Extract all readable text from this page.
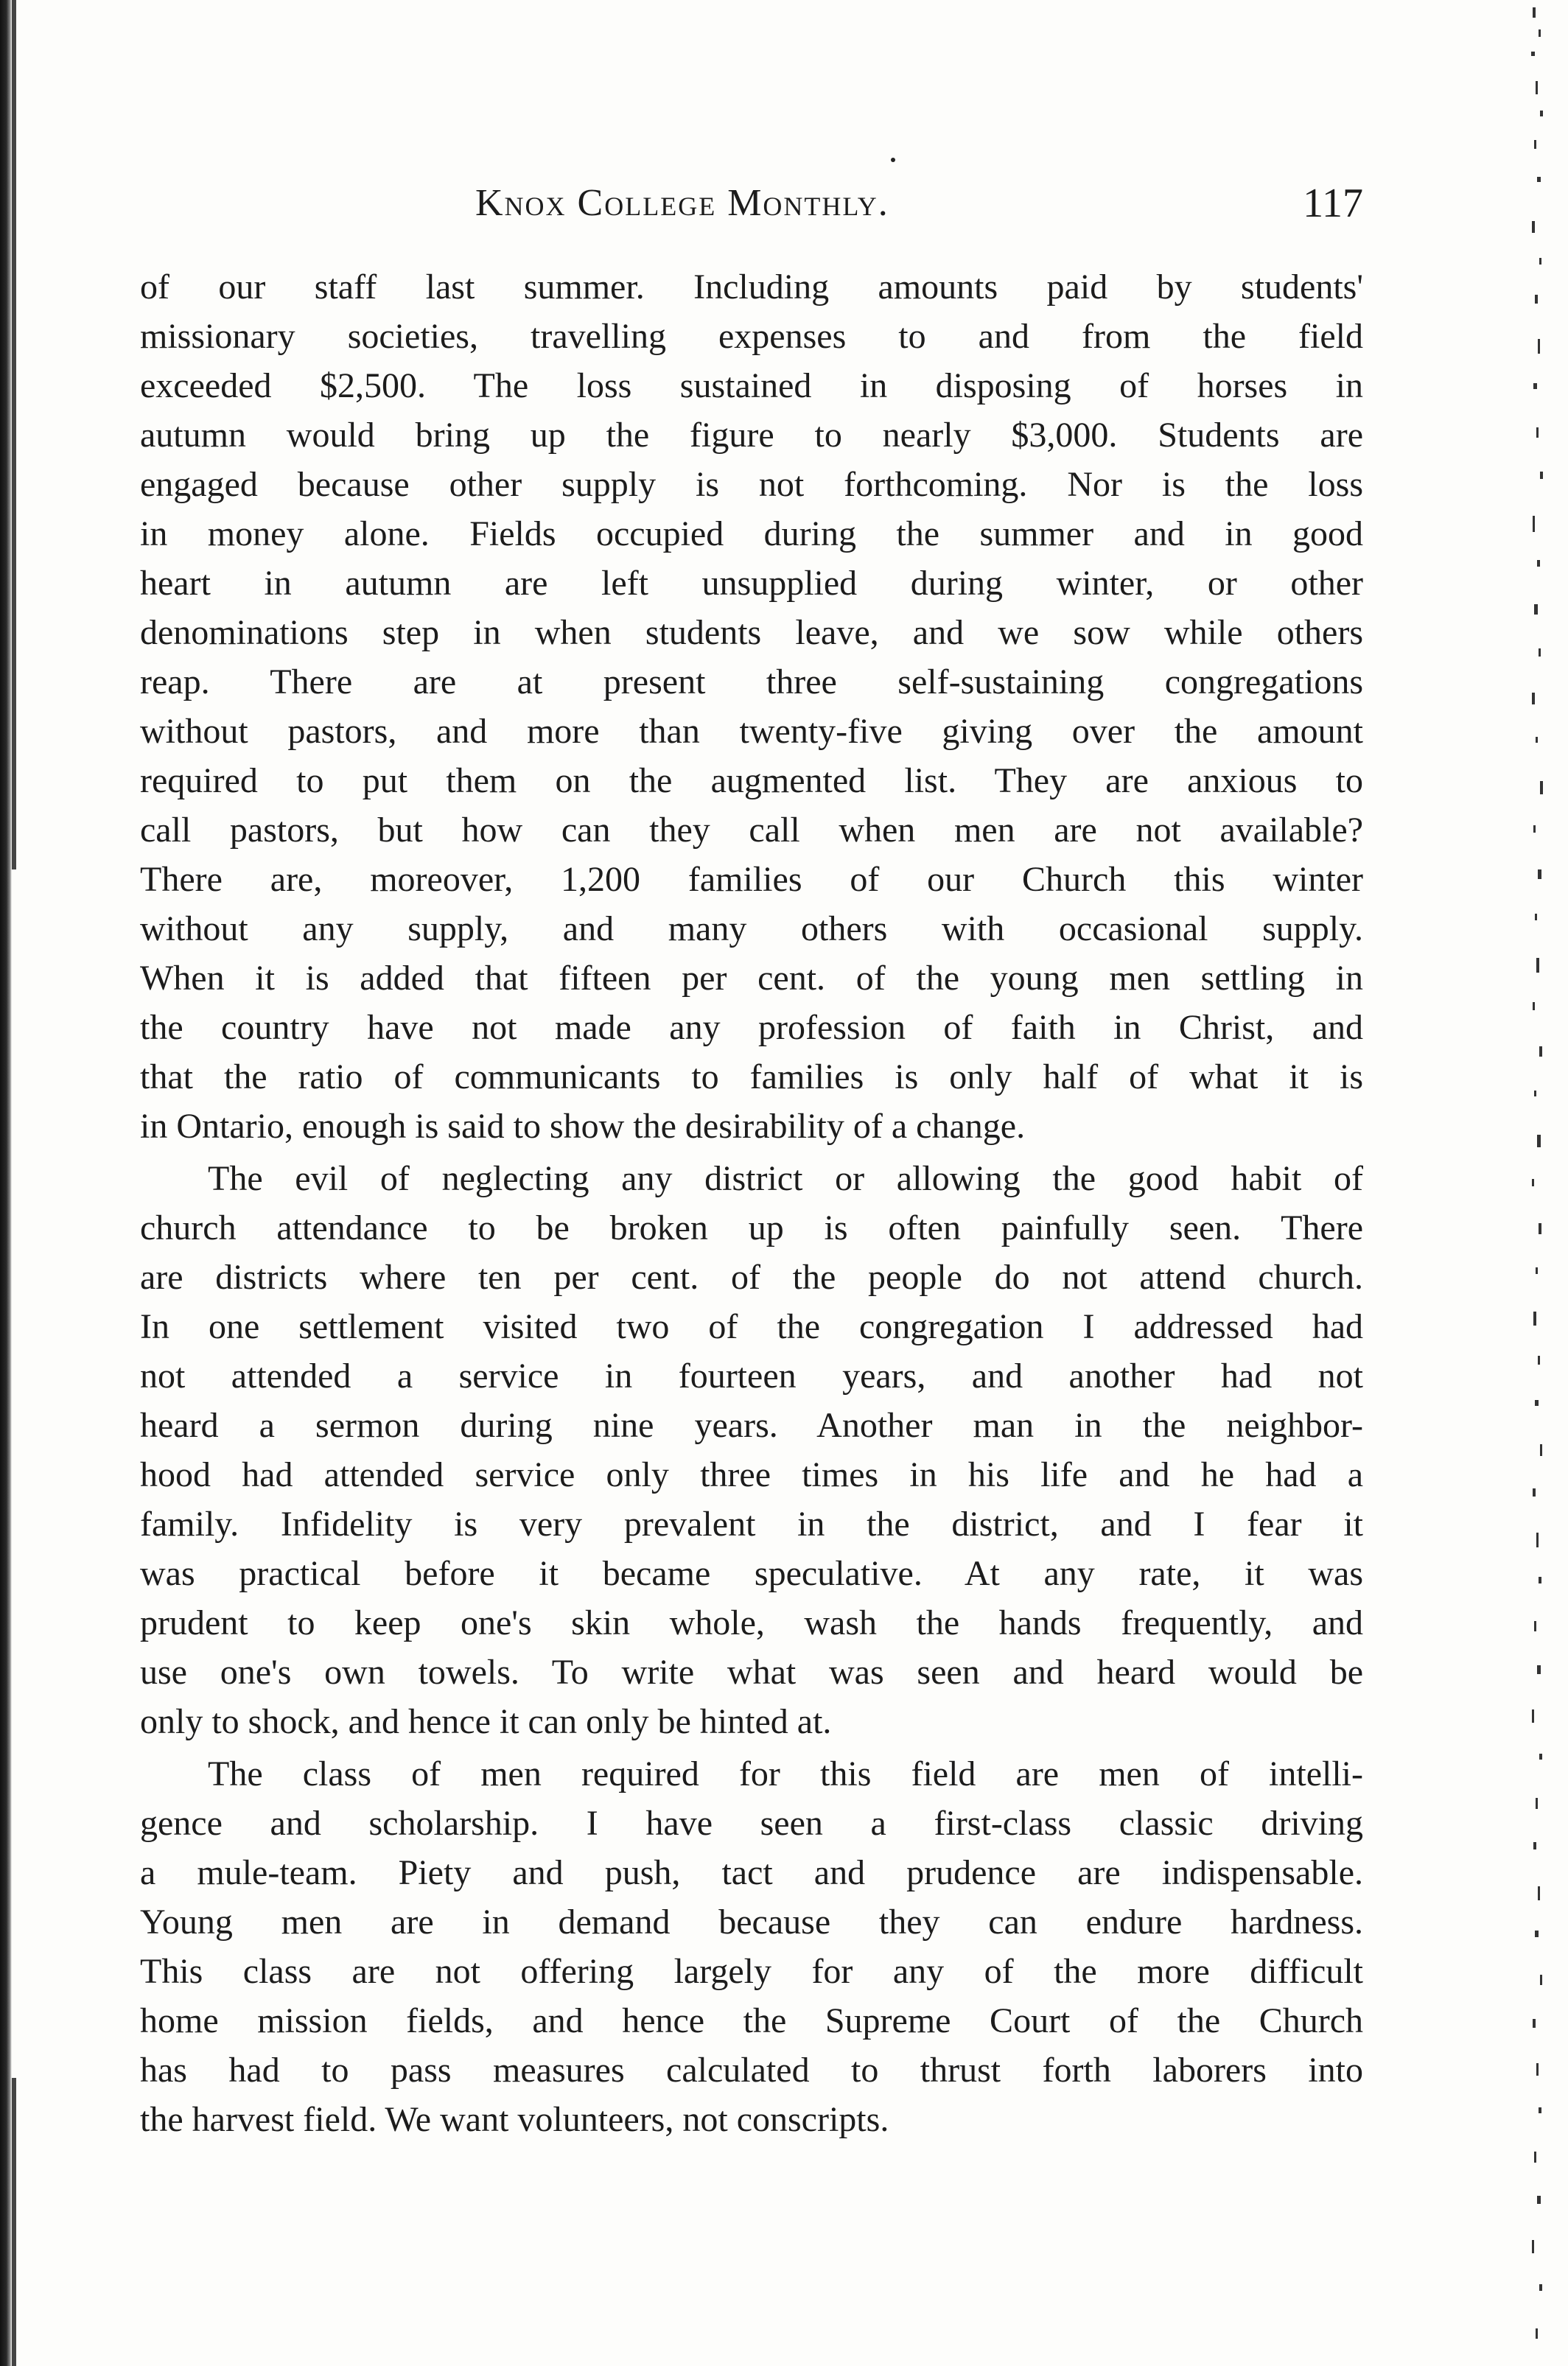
Knox College Monthly.	117
of our staff last summer. Including amounts paid by students'
missionary societies, travelling expenses to and from the field
exceeded $2,500. The loss sustained in disposing of horses in
autumn would bring up the figure to nearly $3,000. Students are
engaged because other supply is not forthcoming. Nor is the loss
in money alone. Fields occupied during the summer and in good
heart in autumn are left unsupplied during winter, or other
denominations step in when students leave, and we sow while others
reap. There are at present three self-sustaining congregations
without pastors, and more than twenty-five giving over the amount
required to put them on the augmented list. They are anxious to
call pastors, but how can they call when men are not available?
There are, moreover, 1,200 families of our Church this winter
without any supply, and many others with occasional supply.
When it is added that fifteen per cent. of the young men settling in
the country have not made any profession of faith in Christ, and
that the ratio of communicants to families is only half of what it is
in Ontario, enough is said to show the desirability of a change.
The evil of neglecting any district or allowing the good habit of
church attendance to be broken up is often painfully seen. There
are districts where ten per cent. of the people do not attend church.
In one settlement visited two of the congregation I addressed had
not attended a service in fourteen years, and another had not
heard a sermon during nine years. Another man in the neighbor-
hood had attended service only three times in his life and he had a
family. Infidelity is very prevalent in the district, and I fear it
was practical before it became speculative. At any rate, it was
prudent to keep one's skin whole, wash the hands frequently, and
use one's own towels. To write what was seen and heard would be
only to shock, and hence it can only be hinted at.
The class of men required for this field are men of intelli-
gence and scholarship. I have seen a first-class classic driving
a mule-team. Piety and push, tact and prudence are indispensable.
Young men are in demand because they can endure hardness.
This class are not offering largely for any of the more difficult
home mission fields, and hence the Supreme Court of the Church
has had to pass measures calculated to thrust forth laborers into
the harvest field. We want volunteers, not conscripts.
